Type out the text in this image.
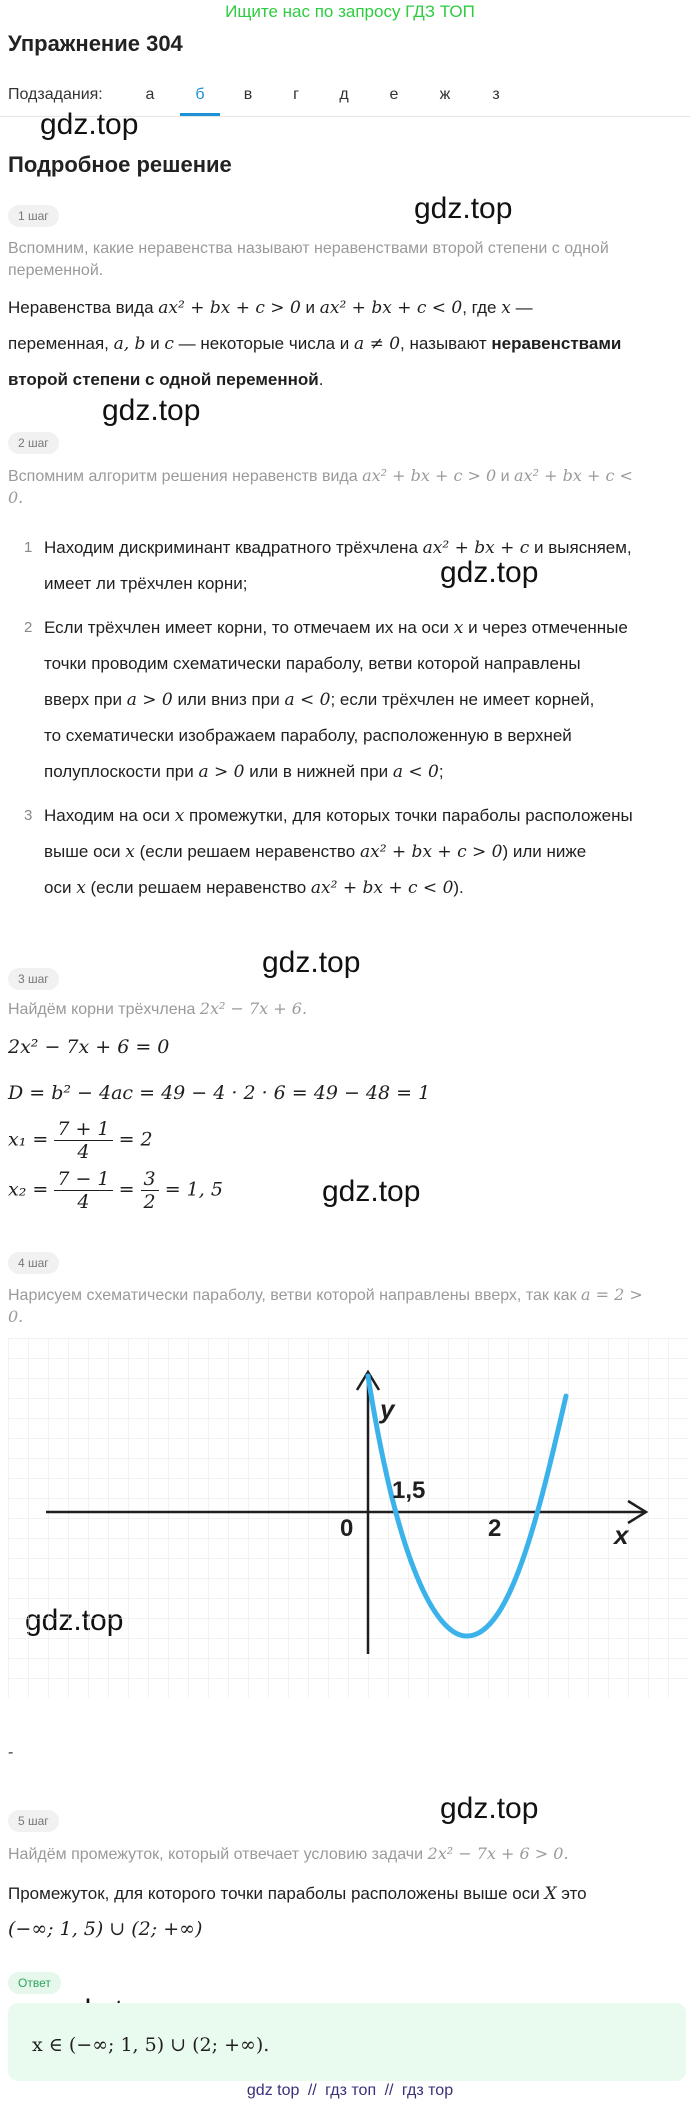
Ищите нас по запросу ГДЗ ТОП
Упражнение 304
Подзадания:	а	б	в	г	д	е	ж	з
gdz.top
gdz.top
gdz.top
gdz.top
gdz.top
gdz.top
gdz.top
Подробное решение
1 шаг
Вспомним, какие неравенства называют неравенствами второй степени с одной переменной.
Неравенства вида ax² + bx + c > 0 и ax² + bx + c < 0, где x —
переменная, a, b и c — некоторые числа и a ≠ 0, называют неравенствами
второй степени с одной переменной.
2 шаг
Вспомним алгоритм решения неравенств вида ax² + bx + c > 0 и ax² + bx + c <
0.
1 Находим дискриминант квадратного трёхчлена ax² + bx + c и выясняем,
имеет ли трёхчлен корни;
2 Если трёхчлен имеет корни, то отмечаем их на оси x и через отмеченные
точки проводим схематически параболу, ветви которой направлены
вверх при a > 0 или вниз при a < 0; если трёхчлен не имеет корней,
то схематически изображаем параболу, расположенную в верхней
полуплоскости при a > 0 или в нижней при a < 0;
3 Находим на оси x промежутки, для которых точки параболы расположены
выше оси x (если решаем неравенство ax² + bx + c > 0) или ниже
оси x (если решаем неравенство ax² + bx + c < 0).
3 шаг
Найдём корни трёхчлена 2x² − 7x + 6.
2x² − 7x + 6 = 0
D = b² − 4ac = 49 − 4 · 2 · 6 = 49 − 48 = 1
$x_1 = \frac{7 + 1}{4} = 2$
$x_2 = \frac{7 - 1}{4} = \frac{3}{2} = 1$, 5
4 шаг
Нарисуем схематически параболу, ветви которой направлены вверх, так как a = 2 >
0.
y
x
0
1,5
2
-
5 шаг
Найдём промежуток, который отвечает условию задачи 2x² − 7x + 6 > 0.
Промежуток, для которого точки параболы расположены выше оси X это
(−∞; 1, 5) ∪ (2; +∞)
Ответ
x ∈ (−∞; 1, 5) ∪ (2; +∞).
gdz top // гдз топ // гдз тор
